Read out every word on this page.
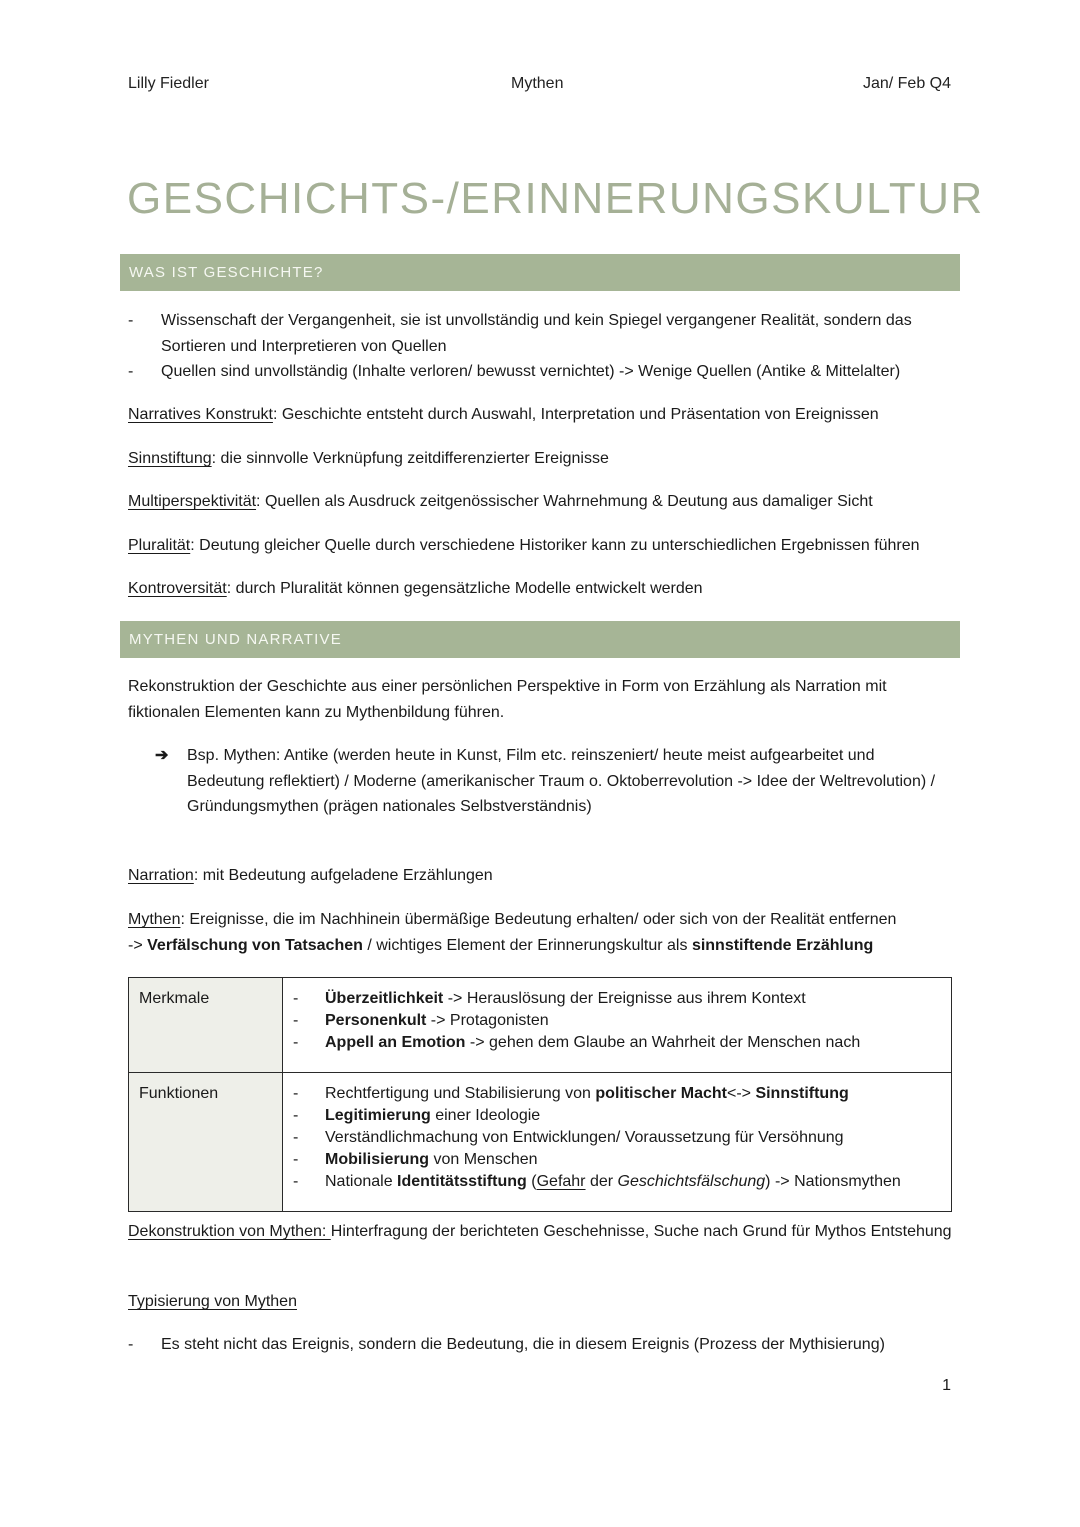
Lilly Fiedler	Mythen	Jan/ Feb Q4
GESCHICHTS-/ERINNERUNGSKULTUR
WAS IST GESCHICHTE?
- Wissenschaft der Vergangenheit, sie ist unvollständig und kein Spiegel vergangener Realität, sondern das Sortieren und Interpretieren von Quellen
- Quellen sind unvollständig (Inhalte verloren/ bewusst vernichtet) -> Wenige Quellen (Antike & Mittelalter)
Narratives Konstrukt: Geschichte entsteht durch Auswahl, Interpretation und Präsentation von Ereignissen
Sinnstiftung: die sinnvolle Verknüpfung zeitdifferenzierter Ereignisse
Multiperspektivität: Quellen als Ausdruck zeitgenössischer Wahrnehmung & Deutung aus damaliger Sicht
Pluralität: Deutung gleicher Quelle durch verschiedene Historiker kann zu unterschiedlichen Ergebnissen führen
Kontroversität: durch Pluralität können gegensätzliche Modelle entwickelt werden
MYTHEN UND NARRATIVE
Rekonstruktion der Geschichte aus einer persönlichen Perspektive in Form von Erzählung als Narration mit fiktionalen Elementen kann zu Mythenbildung führen.
➔ Bsp. Mythen: Antike (werden heute in Kunst, Film etc. reinszeniert/ heute meist aufgearbeitet und Bedeutung reflektiert) / Moderne (amerikanischer Traum o. Oktoberrevolution -> Idee der Weltrevolution) / Gründungsmythen (prägen nationales Selbstverständnis)
Narration: mit Bedeutung aufgeladene Erzählungen
Mythen: Ereignisse, die im Nachhinein übermäßige Bedeutung erhalten/ oder sich von der Realität entfernen
-> Verfälschung von Tatsachen / wichtiges Element der Erinnerungskultur als sinnstiftende Erzählung
Merkmale	- Überzeitlichkeit -> Herauslösung der Ereignisse aus ihrem Kontext
- Personenkult -> Protagonisten
- Appell an Emotion -> gehen dem Glaube an Wahrheit der Menschen nach

Funktionen	- Rechtfertigung und Stabilisierung von politischer Macht<-> Sinnstiftung
- Legitimierung einer Ideologie
- Verständlichmachung von Entwicklungen/ Voraussetzung für Versöhnung
- Mobilisierung von Menschen
- Nationale Identitätsstiftung (Gefahr der Geschichtsfälschung) -> Nationsmythen
Dekonstruktion von Mythen: Hinterfragung der berichteten Geschehnisse, Suche nach Grund für Mythos Entstehung
Typisierung von Mythen
- Es steht nicht das Ereignis, sondern die Bedeutung, die in diesem Ereignis (Prozess der Mythisierung)
1
